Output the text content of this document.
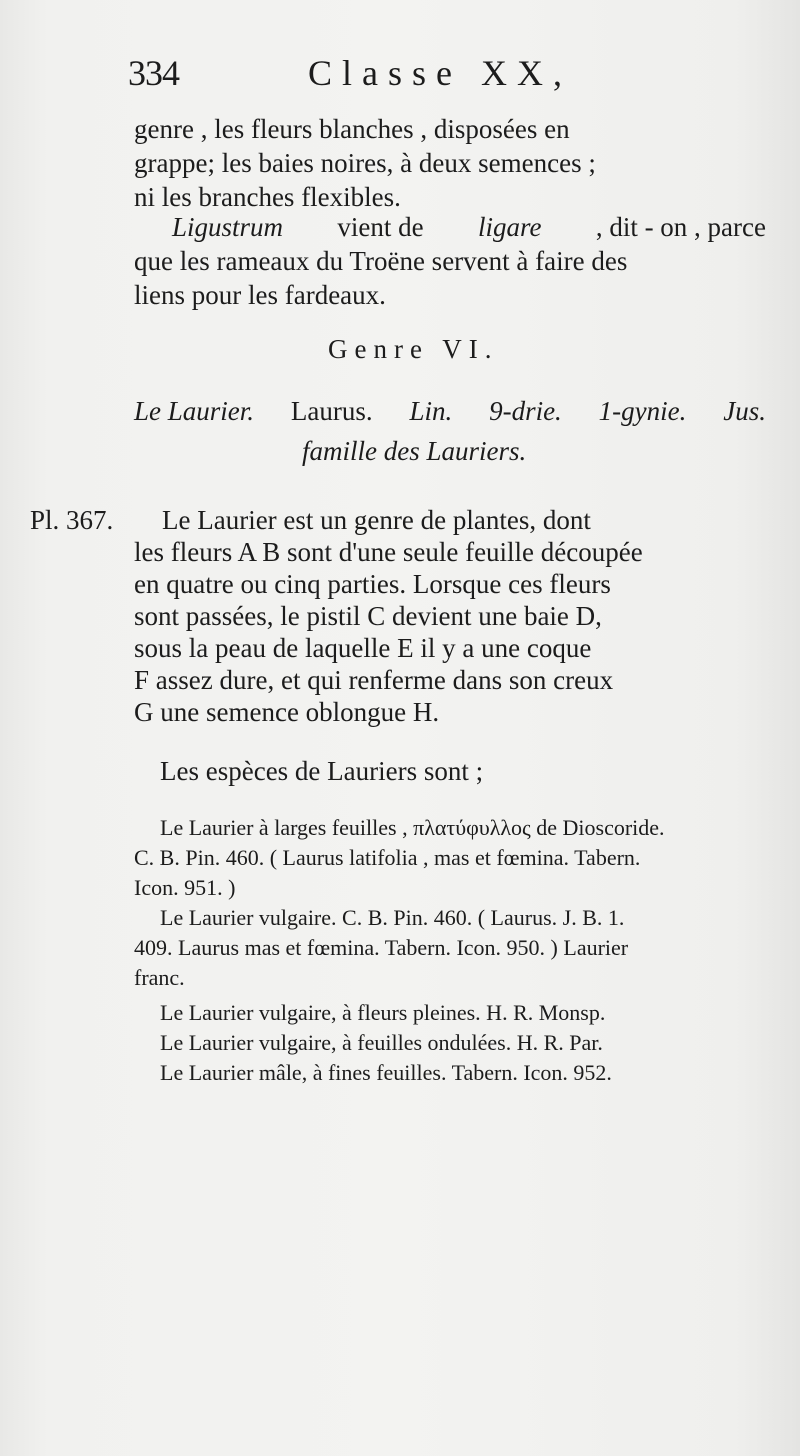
334	Classe XX,
genre , les fleurs blanches , disposées en
grappe; les baies noires, à deux semences ;
ni les branches flexibles.
Ligustrum vient de ligare , dit - on , parce
que les rameaux du Troëne servent à faire des
liens pour les fardeaux.
Genre VI.
Le Laurier. Laurus. Lin. 9-drie. 1-gynie. Jus.
famille des Lauriers.
Pl. 367. Le Laurier est un genre de plantes, dont
les fleurs A B sont d'une seule feuille découpée
en quatre ou cinq parties. Lorsque ces fleurs
sont passées, le pistil C devient une baie D,
sous la peau de laquelle E il y a une coque
F assez dure, et qui renferme dans son creux
G une semence oblongue H.
Les espèces de Lauriers sont ;
Le Laurier à larges feuilles , πλατύφυλλος de Dioscoride.
C. B. Pin. 460. ( Laurus latifolia , mas et fœmina. Tabern.
Icon. 951. )
Le Laurier vulgaire. C. B. Pin. 460. ( Laurus. J. B. 1.
409. Laurus mas et fœmina. Tabern. Icon. 950. ) Laurier
franc.
Le Laurier vulgaire, à fleurs pleines. H. R. Monsp.
Le Laurier vulgaire, à feuilles ondulées. H. R. Par.
Le Laurier mâle, à fines feuilles. Tabern. Icon. 952.
